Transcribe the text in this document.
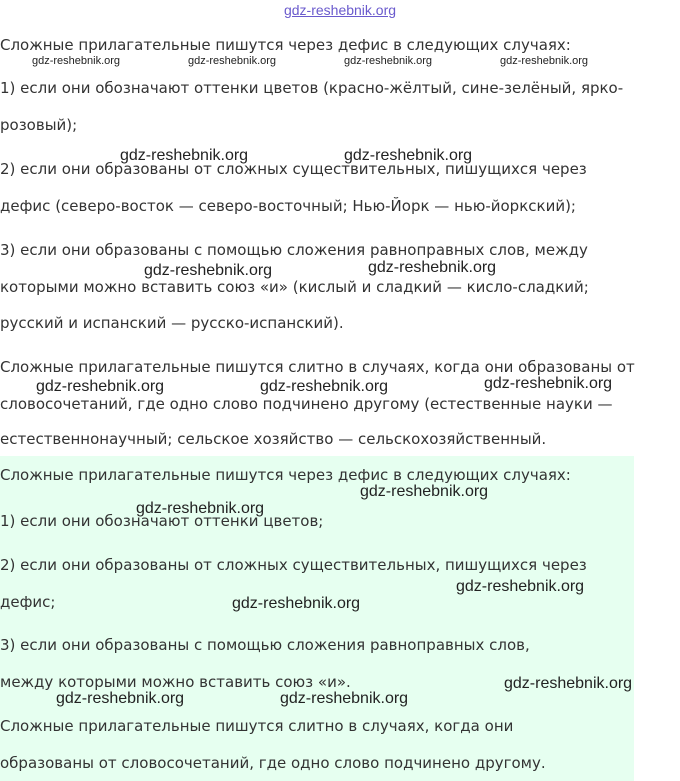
gdz-reshebnik.org
Сложные прилагательные пишутся через дефис в следующих случаях:
1) если они обозначают оттенки цветов (красно-жёлтый, сине-зелёный, ярко-
розовый);
2) если они образованы от сложных существительных, пишущихся через
дефис (северо-восток — северо-восточный; Нью-Йорк — нью-йоркский);
3) если они образованы с помощью сложения равноправных слов, между
которыми можно вставить союз «и» (кислый и сладкий — кисло-сладкий;
русский и испанский — русско-испанский).
Сложные прилагательные пишутся слитно в случаях, когда они образованы от
словосочетаний, где одно слово подчинено другому (естественные науки —
естественнонаучный; сельское хозяйство — сельскохозяйственный.
Сложные прилагательные пишутся через дефис в следующих случаях:
1) если они обозначают оттенки цветов;
2) если они образованы от сложных существительных, пишущихся через
дефис;
3) если они образованы с помощью сложения равноправных слов,
между которыми можно вставить союз «и».
Сложные прилагательные пишутся слитно в случаях, когда они
образованы от словосочетаний, где одно слово подчинено другому.
gdz-reshebnik.org	gdz-reshebnik.org	gdz-reshebnik.org	gdz-reshebnik.org
gdz-reshebnik.org	gdz-reshebnik.org
gdz-reshebnik.org	gdz-reshebnik.org
gdz-reshebnik.org	gdz-reshebnik.org	gdz-reshebnik.org
gdz-reshebnik.org
gdz-reshebnik.org
gdz-reshebnik.org
gdz-reshebnik.org
gdz-reshebnik.org
gdz-reshebnik.org	gdz-reshebnik.org
